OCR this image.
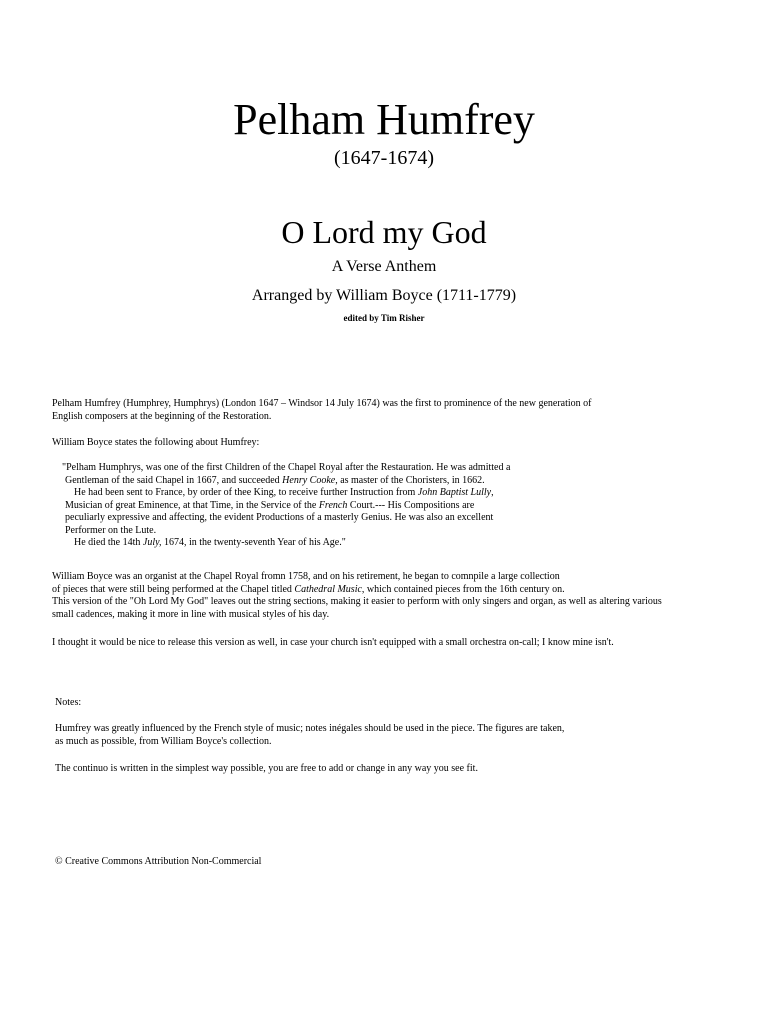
Pelham Humfrey
(1647-1674)
O Lord my God
A Verse Anthem
Arranged by William Boyce (1711-1779)
edited by Tim Risher
Pelham Humfrey (Humphrey, Humphrys) (London 1647 – Windsor 14 July 1674) was the first to prominence of the new generation of
English composers at the beginning of the Restoration.
William Boyce states the following about Humfrey:
"Pelham Humphrys, was one of the first Children of the Chapel Royal after the Restauration. He was admitted a
Gentleman of the said Chapel in 1667, and succeeded Henry Cooke, as master of the Choristers, in 1662.
He had been sent to France, by order of thee King, to receive further Instruction from John Baptist Lully,
Musician of great Eminence, at that Time, in the Service of the French Court.--- His Compositions are
peculiarly expressive and affecting, the evident Productions of a masterly Genius. He was also an excellent
Performer on the Lute.
He died the 14th July, 1674, in the twenty-seventh Year of his Age."
William Boyce was an organist at the Chapel Royal fromn 1758, and on his retirement, he began to comnpile a large collection
of pieces that were still being performed at the Chapel titled Cathedral Music, which contained pieces from the 16th century on.
This version of the "Oh Lord My God" leaves out the string sections, making it easier to perform with only singers and organ, as well as altering various
small cadences, making it more in line with musical styles of his day.
I thought it would be nice to release this version as well, in case your church isn't equipped with a small orchestra on-call; I know mine isn't.
Notes:
Humfrey was greatly influenced by the French style of music; notes inégales should be used in the piece. The figures are taken,
as much as possible, from William Boyce's collection.
The continuo is written in the simplest way possible, you are free to add or change in any way you see fit.
© Creative Commons Attribution Non-Commercial
